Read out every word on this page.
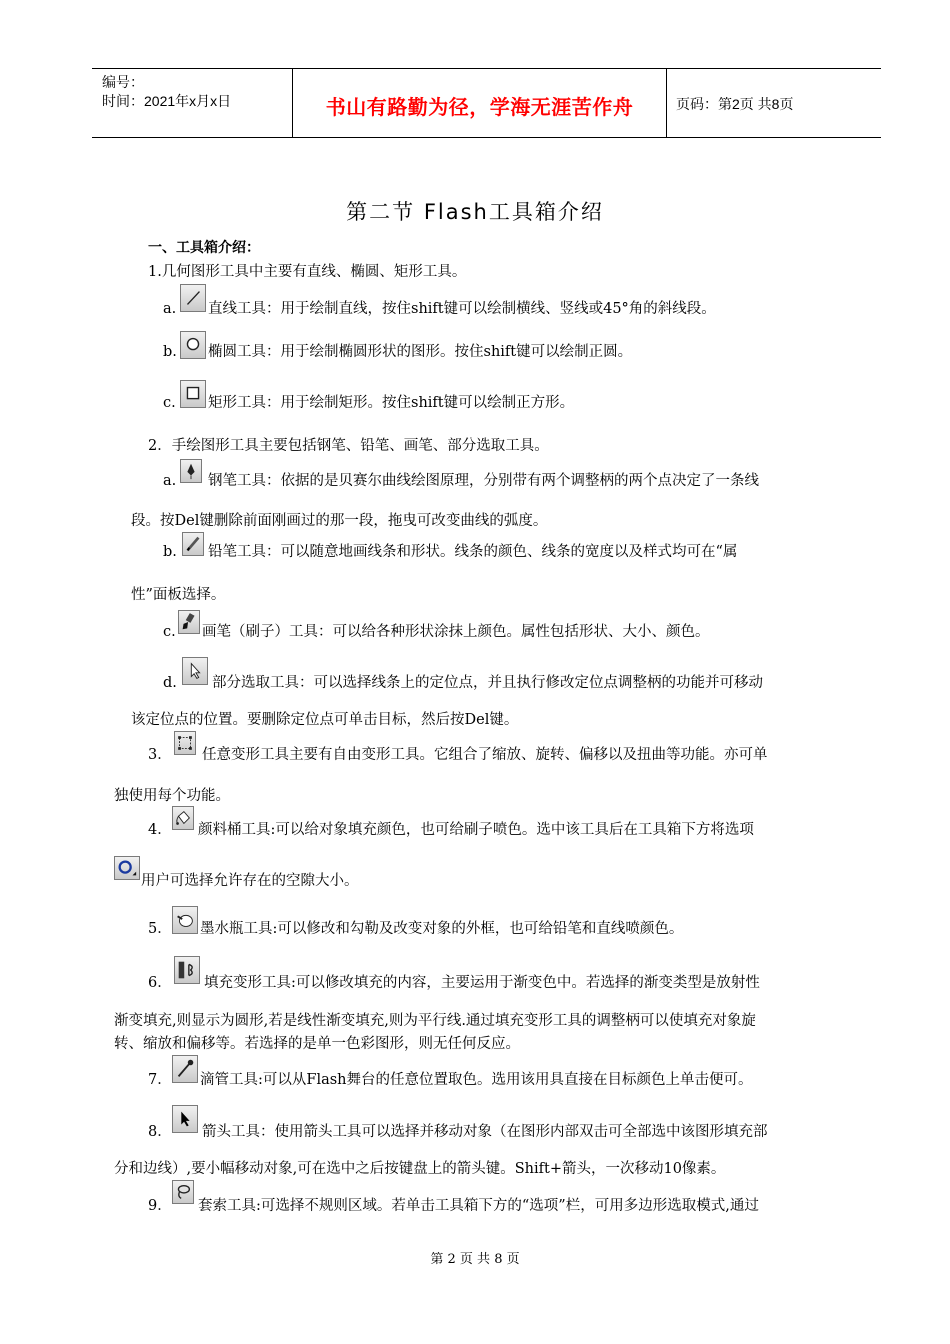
编号：
时间：2021年x月x日	书山有路勤为径，学海无涯苦作舟	页码：第2页 共8页
第二节 Flash工具箱介绍
一、工具箱介绍：
1.几何图形工具中主要有直线、椭圆、矩形工具。
a. 直线工具：用于绘制直线，按住shift键可以绘制横线、竖线或45°角的斜线段。
b. 椭圆工具：用于绘制椭圆形状的图形。按住shift键可以绘制正圆。
c. 矩形工具：用于绘制矩形。按住shift键可以绘制正方形。
2．手绘图形工具主要包括钢笔、铅笔、画笔、部分选取工具。
a. 钢笔工具：依据的是贝赛尔曲线绘图原理，分别带有两个调整柄的两个点决定了一条线
段。按Del键删除前面刚画过的那一段，拖曳可改变曲线的弧度。
b. 铅笔工具：可以随意地画线条和形状。线条的颜色、线条的宽度以及样式均可在“属
性”面板选择。
c. 画笔（刷子）工具：可以给各种形状涂抹上颜色。属性包括形状、大小、颜色。
d. 部分选取工具：可以选择线条上的定位点，并且执行修改定位点调整柄的功能并可移动
该定位点的位置。要删除定位点可单击目标，然后按Del键。
3． 任意变形工具主要有自由变形工具。它组合了缩放、旋转、偏移以及扭曲等功能。亦可单
独使用每个功能。
4． 颜料桶工具:可以给对象填充颜色，也可给刷子喷色。选中该工具后在工具箱下方将选项
用户可选择允许存在的空隙大小。
5． 墨水瓶工具:可以修改和勾勒及改变对象的外框，也可给铅笔和直线喷颜色。
6． 填充变形工具:可以修改填充的内容，主要运用于渐变色中。若选择的渐变类型是放射性
渐变填充,则显示为圆形,若是线性渐变填充,则为平行线.通过填充变形工具的调整柄可以使填充对象旋
转、缩放和偏移等。若选择的是单一色彩图形，则无任何反应。
7． 滴管工具:可以从Flash舞台的任意位置取色。选用该用具直接在目标颜色上单击便可。
8． 箭头工具：使用箭头工具可以选择并移动对象（在图形内部双击可全部选中该图形填充部
分和边线）,要小幅移动对象,可在选中之后按键盘上的箭头键。Shift+箭头，一次移动10像素。
9． 套索工具:可选择不规则区域。若单击工具箱下方的“选项”栏，可用多边形选取模式,通过
第 2 页 共 8 页
